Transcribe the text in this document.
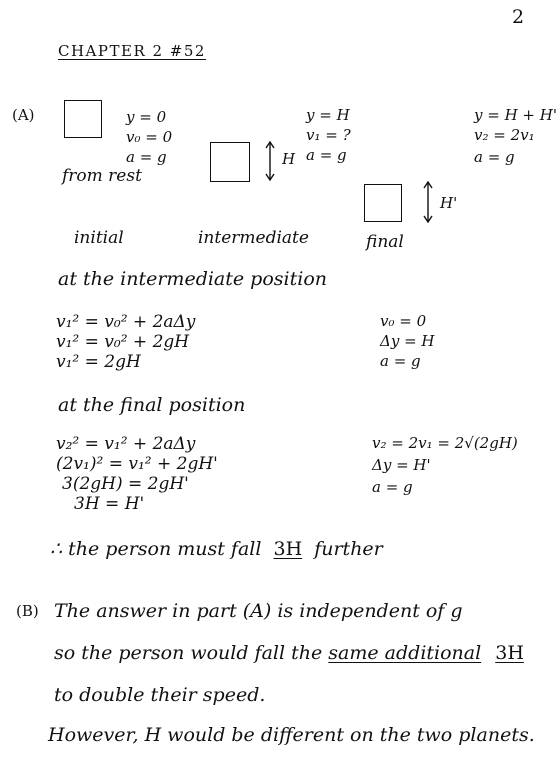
2
CHAPTER 2 #52
(A)	y = 0
v₀ = 0
a = g
from rest
H
y = H
v₁ = ?
a = g
H'
y = H + H'
v₂ = 2v₁
a = g
initial	intermediate	final
at the intermediate position
v₁² = v₀² + 2aΔy
v₁² = v₀² + 2gH
v₁² = 2gH
v₀ = 0
Δy = H
a = g
at the final position
v₂² = v₁² + 2aΔy
(2v₁)² = v₁² + 2gH'
3(2gH) = 2gH'
3H = H'
v₂ = 2v₁ = 2√(2gH)
Δy = H'
a = g
∴ the person must fall 3H further
(B) The answer in part (A) is independent of g
so the person would fall the same additional 3H
to double their speed.
However, H would be different on the two planets.
